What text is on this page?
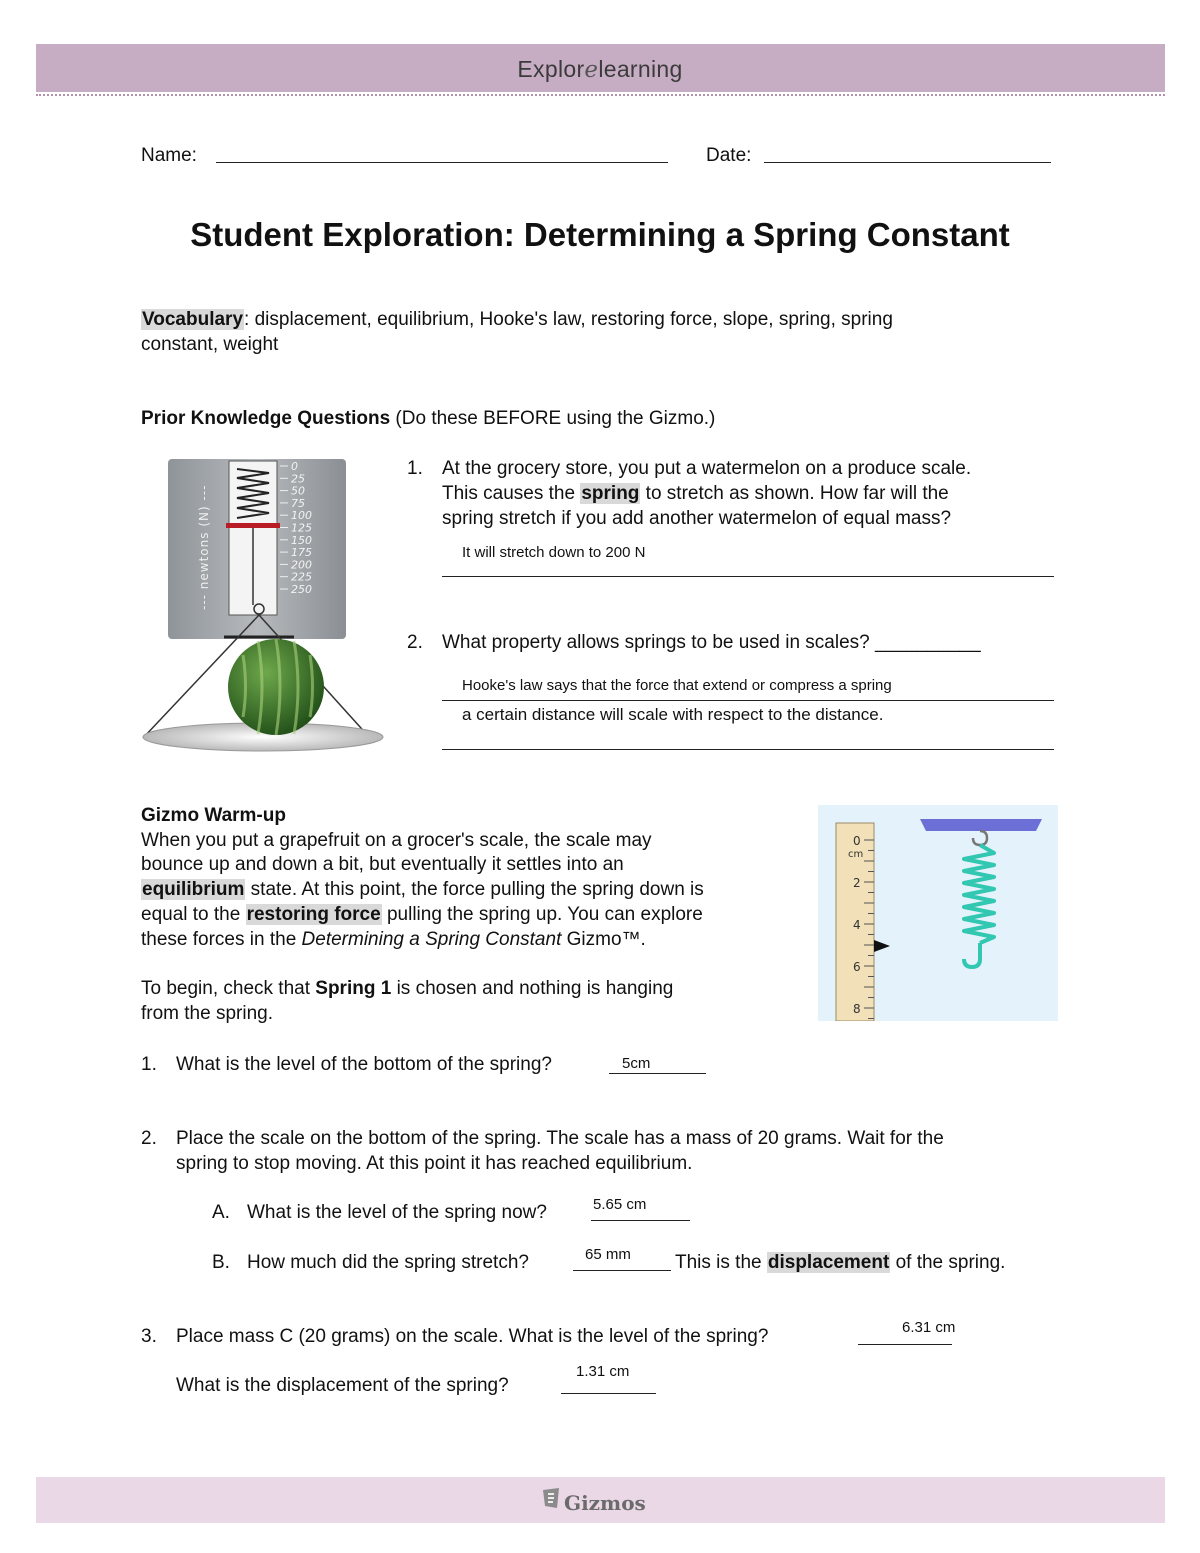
Explorelearning
Name:	Date:
Student Exploration: Determining a Spring Constant
Vocabulary: displacement, equilibrium, Hooke's law, restoring force, slope, spring, spring
constant, weight
Prior Knowledge Questions (Do these BEFORE using the Gizmo.)
--- newtons (N) ---
0
25
50
75
100
125
150
175
200
225
250
1. At the grocery store, you put a watermelon on a produce scale.
This causes the spring to stretch as shown. How far will the
spring stretch if you add another watermelon of equal mass?
It will stretch down to 200 N
2. What property allows springs to be used in scales? __________
Hooke's law says that the force that extend or compress a spring
a certain distance will scale with respect to the distance.
Gizmo Warm-up
When you put a grapefruit on a grocer's scale, the scale may
bounce up and down a bit, but eventually it settles into an
equilibrium state. At this point, the force pulling the spring down is
equal to the restoring force pulling the spring up. You can explore
these forces in the Determining a Spring Constant Gizmo™.
To begin, check that Spring 1 is chosen and nothing is hanging
from the spring.
0
2
4
6
8
cm
1. What is the level of the bottom of the spring?	5cm
2. Place the scale on the bottom of the spring. The scale has a mass of 20 grams. Wait for the
spring to stop moving. At this point it has reached equilibrium.
A. What is the level of the spring now?	5.65 cm
B. How much did the spring stretch?	65 mm This is the displacement of the spring.
3. Place mass C (20 grams) on the scale. What is the level of the spring?	6.31 cm
What is the displacement of the spring?
1.31 cm
Gizmos
